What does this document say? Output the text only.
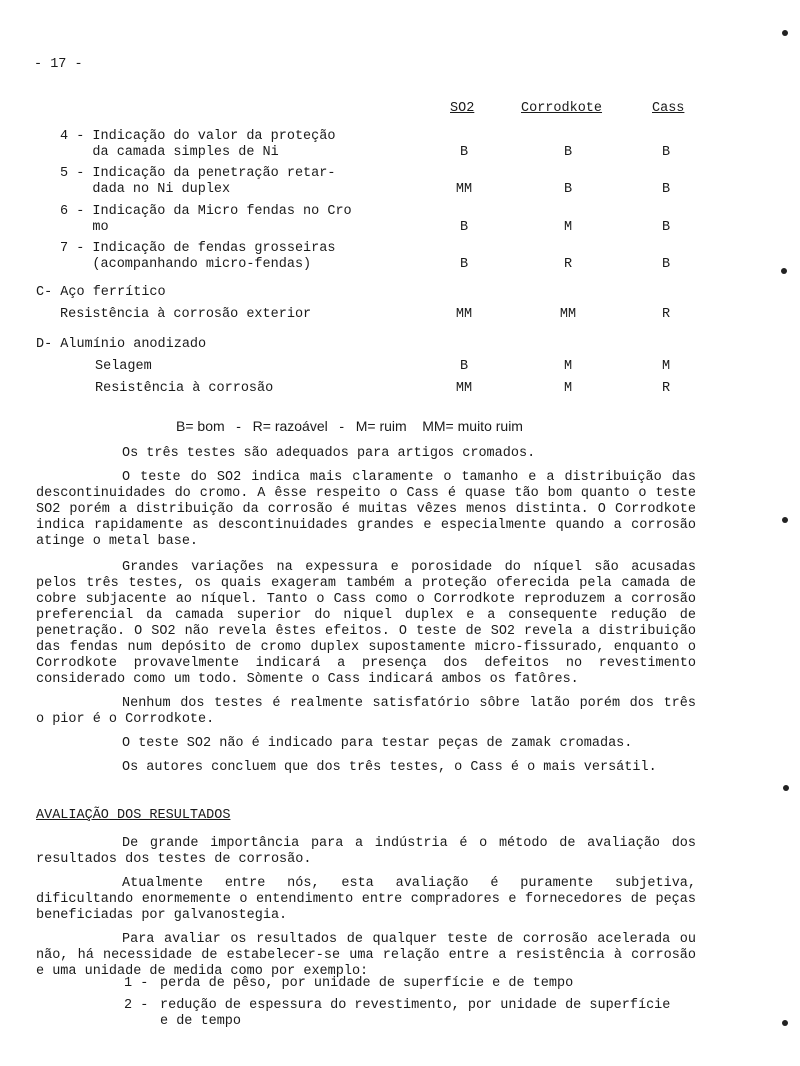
- 17 -
SO2	Corrodkote	Cass
4 - Indicação do valor da proteção
da camada simples de Ni	B	B	B
5 - Indicação da penetração retar-
dada no Ni duplex	MM	B	B
6 - Indicação da Micro fendas no Cro
mo	B	M	B
7 - Indicação de fendas grosseiras
(acompanhando micro-fendas)	B	R	B
C- Aço ferrítico
Resistência à corrosão exterior	MM	MM	R
D- Alumínio anodizado
Selagem	B	M	M
Resistência à corrosão	MM	M	R
B= bom   -   R= razoável   -   M= ruim    MM= muito ruim

Os três testes são adequados para artigos cromados.

O teste do SO2 indica mais claramente o tamanho e a distribuição das descontinuidades do cromo. A êsse respeito o Cass é quase tão bom quanto o teste SO2 porém a distribuição da corrosão é muitas vêzes menos distinta. O Corrodkote indica rapidamente as descontinuidades grandes e especialmente quando a corrosão atinge o metal base.

Grandes variações na expessura e porosidade do níquel são acusadas pelos três testes, os quais exageram também a proteção oferecida pela camada de cobre subjacente ao níquel. Tanto o Cass como o Corrodkote reproduzem a corrosão preferencial da camada superior do niquel duplex e a consequente redução de penetração. O SO2 não revela êstes efeitos. O teste de SO2 revela a distribuição das fendas num depósito de cromo duplex supostamente micro-fissurado, enquanto o Corrodkote provavelmente indicará a presença dos defeitos no revestimento considerado como um todo. Sòmente o Cass indicará ambos os fatôres.

Nenhum dos testes é realmente satisfatório sôbre latão porém dos três o pior é o Corrodkote.

O teste SO2 não é indicado para testar peças de zamak cromadas.

Os autores concluem que dos três testes, o Cass é o mais versátil.

AVALIAÇÃO DOS RESULTADOS

De grande importância para a indústria é o método de avaliação dos resultados dos testes de corrosão.

Atualmente entre nós, esta avaliação é puramente subjetiva, dificultando enormemente o entendimento entre compradores e fornecedores de peças beneficiadas por galvanostegia.

Para avaliar os resultados de qualquer teste de corrosão acelerada ou não, há necessidade de estabelecer-se uma relação entre a resistência à corrosão e uma unidade de medida como por exemplo:

1 - perda de pêso, por unidade de superfície e de tempo
2 - redução de espessura do revestimento, por unidade de superfície e de tempo
